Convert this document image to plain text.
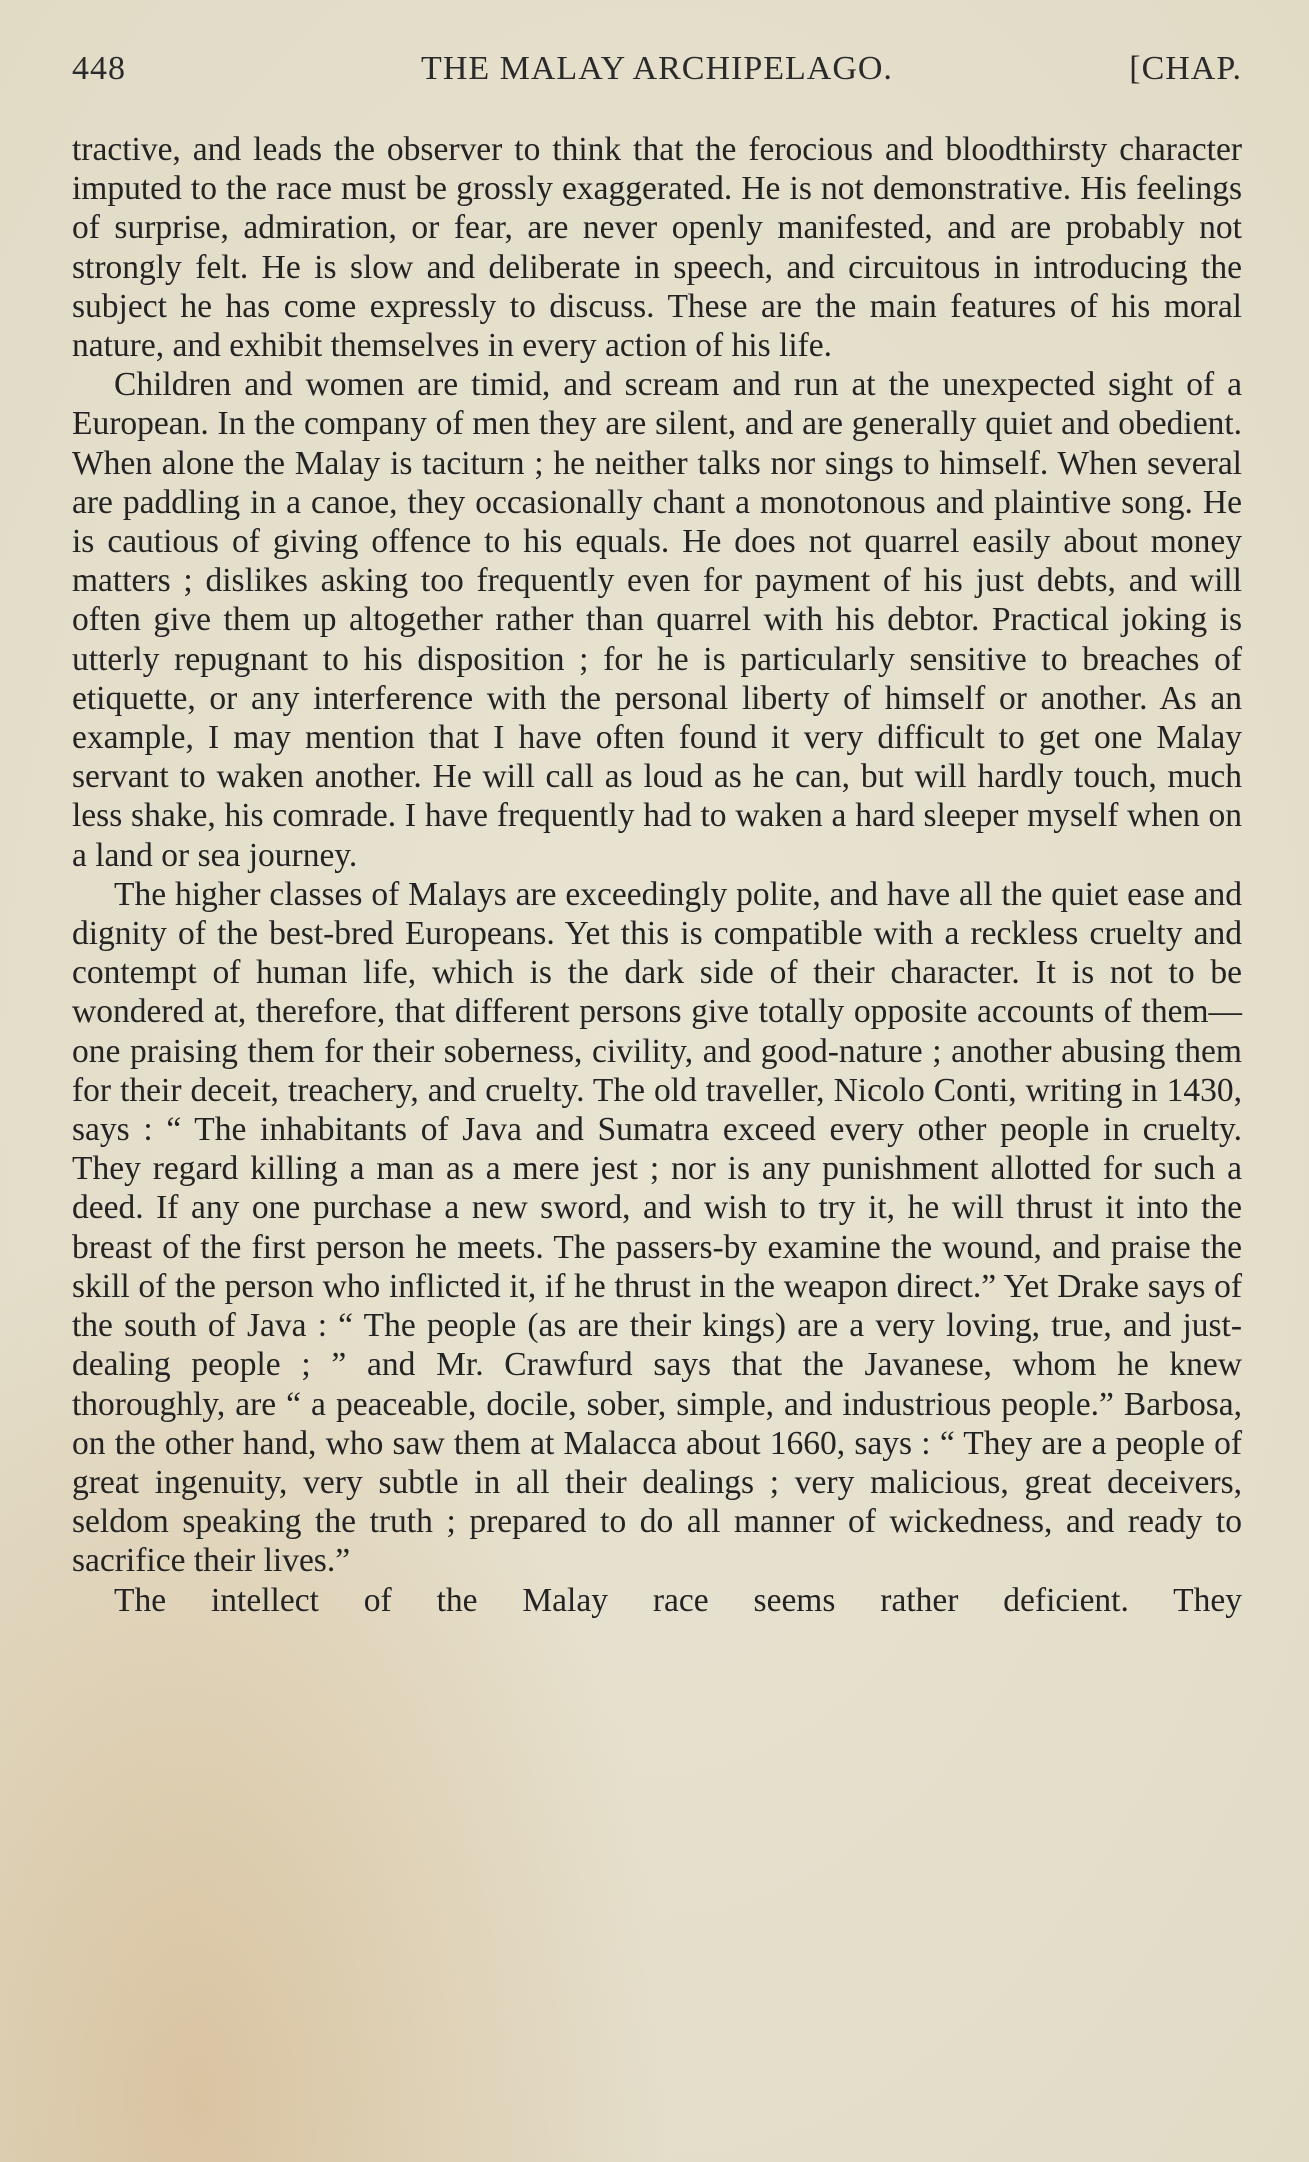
448	THE MALAY ARCHIPELAGO.	[CHAP.

tractive, and leads the observer to think that the ferocious and bloodthirsty character imputed to the race must be grossly exaggerated. He is not demonstrative. His feelings of surprise, admiration, or fear, are never openly manifested, and are probably not strongly felt. He is slow and deliberate in speech, and circuitous in introducing the subject he has come expressly to discuss. These are the main features of his moral nature, and exhibit themselves in every action of his life.

Children and women are timid, and scream and run at the unexpected sight of a European. In the company of men they are silent, and are generally quiet and obedient. When alone the Malay is taciturn ; he neither talks nor sings to himself. When several are paddling in a canoe, they occasionally chant a monotonous and plaintive song. He is cautious of giving offence to his equals. He does not quarrel easily about money matters ; dislikes asking too frequently even for payment of his just debts, and will often give them up altogether rather than quarrel with his debtor. Practical joking is utterly repugnant to his disposition ; for he is particularly sensitive to breaches of etiquette, or any interference with the personal liberty of himself or another. As an example, I may mention that I have often found it very difficult to get one Malay servant to waken another. He will call as loud as he can, but will hardly touch, much less shake, his comrade. I have frequently had to waken a hard sleeper myself when on a land or sea journey.

The higher classes of Malays are exceedingly polite, and have all the quiet ease and dignity of the best-bred Europeans. Yet this is compatible with a reckless cruelty and contempt of human life, which is the dark side of their character. It is not to be wondered at, therefore, that different persons give totally opposite accounts of them—one praising them for their soberness, civility, and good-nature ; another abusing them for their deceit, treachery, and cruelty. The old traveller, Nicolo Conti, writing in 1430, says : “ The inhabitants of Java and Sumatra exceed every other people in cruelty. They regard killing a man as a mere jest ; nor is any punishment allotted for such a deed. If any one purchase a new sword, and wish to try it, he will thrust it into the breast of the first person he meets. The passers-by examine the wound, and praise the skill of the person who inflicted it, if he thrust in the weapon direct.” Yet Drake says of the south of Java : “ The people (as are their kings) are a very loving, true, and just-dealing people ; ” and Mr. Crawfurd says that the Javanese, whom he knew thoroughly, are “ a peaceable, docile, sober, simple, and industrious people.” Barbosa, on the other hand, who saw them at Malacca about 1660, says : “ They are a people of great ingenuity, very subtle in all their dealings ; very malicious, great deceivers, seldom speaking the truth ; prepared to do all manner of wickedness, and ready to sacrifice their lives.”

The intellect of the Malay race seems rather deficient. They
